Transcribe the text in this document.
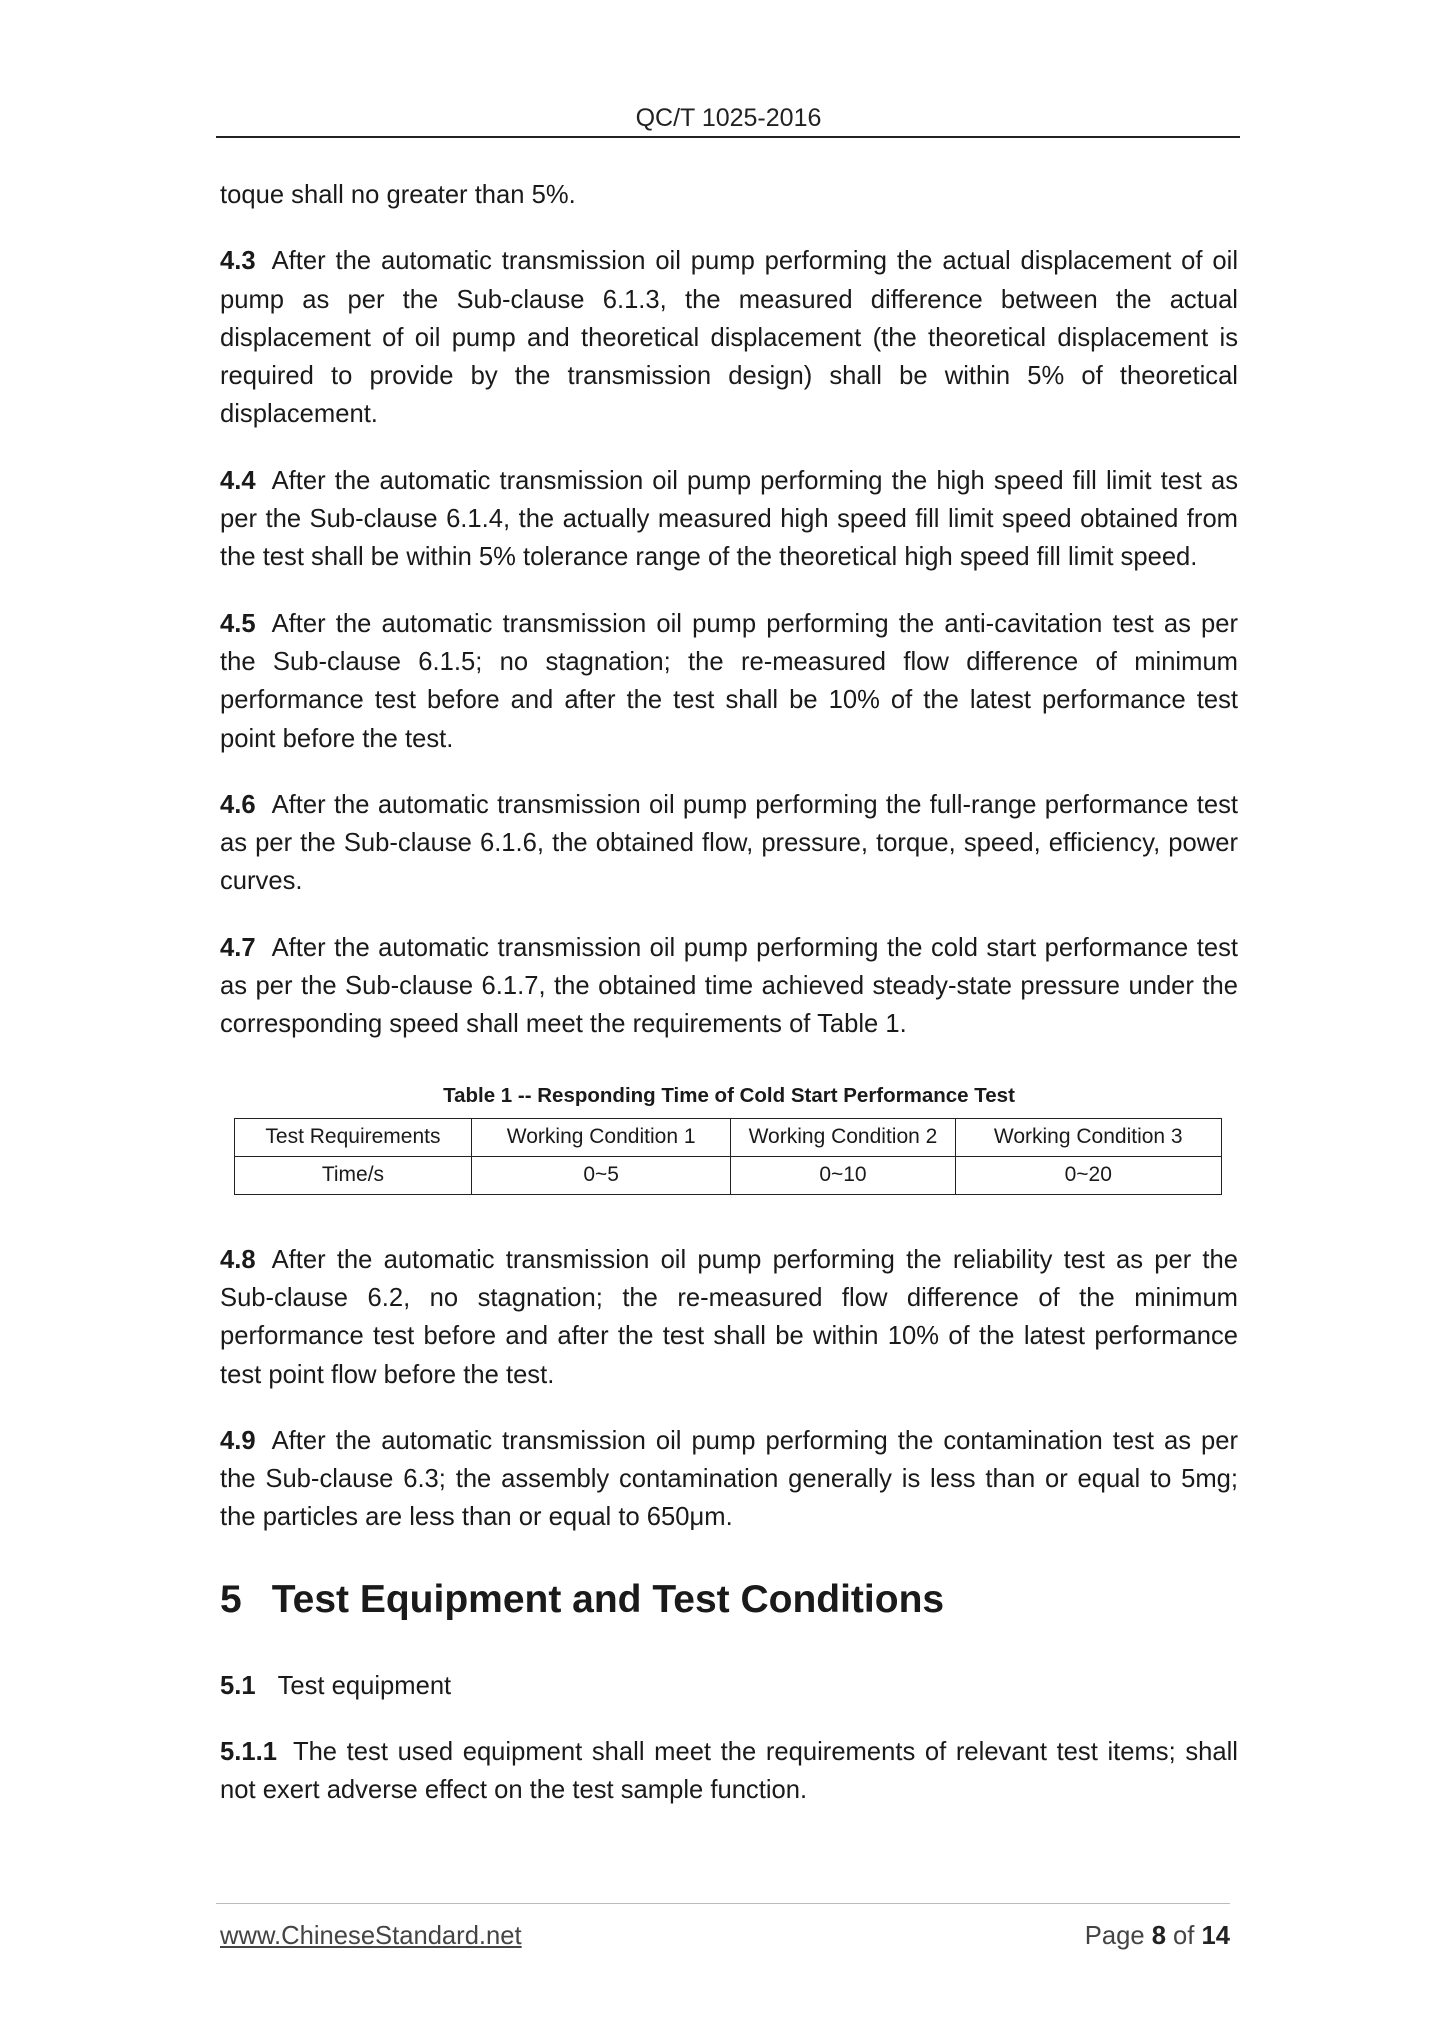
QC/T 1025-2016

toque shall no greater than 5%.

4.3 After the automatic transmission oil pump performing the actual displacement of oil pump as per the Sub-clause 6.1.3, the measured difference between the actual displacement of oil pump and theoretical displacement (the theoretical displacement is required to provide by the transmission design) shall be within 5% of theoretical displacement.

4.4 After the automatic transmission oil pump performing the high speed fill limit test as per the Sub-clause 6.1.4, the actually measured high speed fill limit speed obtained from the test shall be within 5% tolerance range of the theoretical high speed fill limit speed.

4.5 After the automatic transmission oil pump performing the anti-cavitation test as per the Sub-clause 6.1.5; no stagnation; the re-measured flow difference of minimum performance test before and after the test shall be 10% of the latest performance test point before the test.

4.6 After the automatic transmission oil pump performing the full-range performance test as per the Sub-clause 6.1.6, the obtained flow, pressure, torque, speed, efficiency, power curves.

4.7 After the automatic transmission oil pump performing the cold start performance test as per the Sub-clause 6.1.7, the obtained time achieved steady-state pressure under the corresponding speed shall meet the requirements of Table 1.

Table 1 -- Responding Time of Cold Start Performance Test
Test Requirements	Working Condition 1	Working Condition 2	Working Condition 3
Time/s	0~5	0~10	0~20

4.8 After the automatic transmission oil pump performing the reliability test as per the Sub-clause 6.2, no stagnation; the re-measured flow difference of the minimum performance test before and after the test shall be within 10% of the latest performance test point flow before the test.

4.9 After the automatic transmission oil pump performing the contamination test as per the Sub-clause 6.3; the assembly contamination generally is less than or equal to 5mg; the particles are less than or equal to 650μm.

5 Test Equipment and Test Conditions

5.1 Test equipment

5.1.1 The test used equipment shall meet the requirements of relevant test items; shall not exert adverse effect on the test sample function.

www.ChineseStandard.net	Page 8 of 14
